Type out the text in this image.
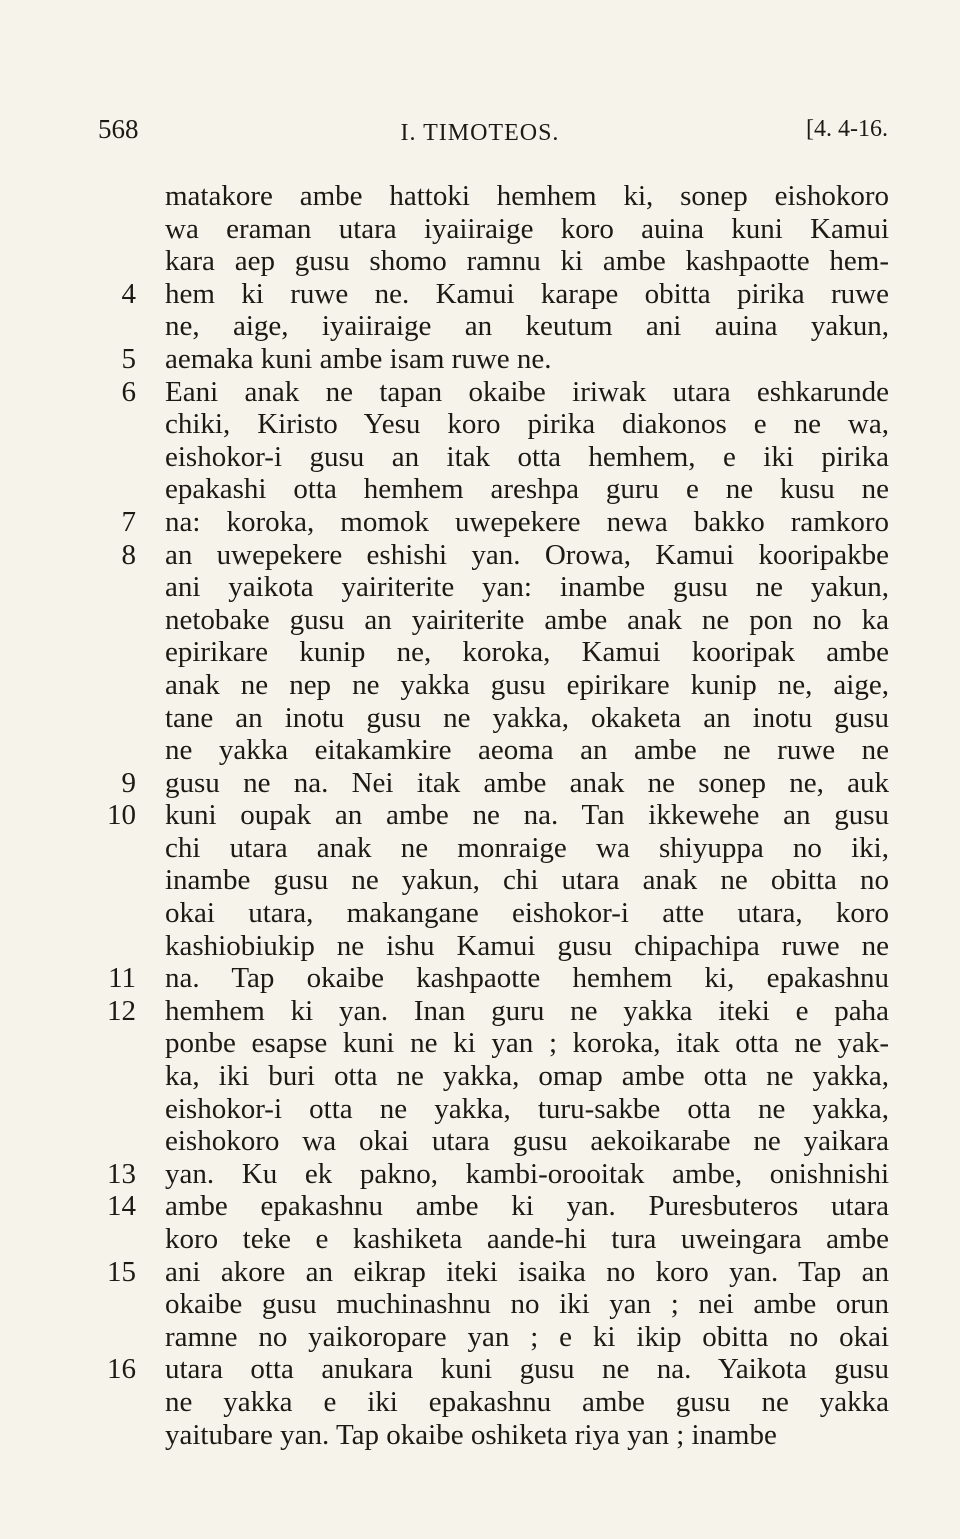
568	I. TIMOTEOS.	[4. 4-16.
matakore ambe hattoki hemhem ki, sonep eishokoro
wa eraman utara iyaiiraige koro auina kuni Kamui
kara aep gusu shomo ramnu ki ambe kashpaotte hem-
4 hem ki ruwe ne. Kamui karape obitta pirika ruwe
ne, aige, iyaiiraige an keutum ani auina yakun,
5 aemaka kuni ambe isam ruwe ne.
6 Eani anak ne tapan okaibe iriwak utara eshkarunde
chiki, Kiristo Yesu koro pirika diakonos e ne wa,
eishokor-i gusu an itak otta hemhem, e iki pirika
epakashi otta hemhem areshpa guru e ne kusu ne
7 na: koroka, momok uwepekere newa bakko ramkoro
8 an uwepekere eshishi yan. Orowa, Kamui kooripakbe
ani yaikota yairiterite yan: inambe gusu ne yakun,
netobake gusu an yairiterite ambe anak ne pon no ka
epirikare kunip ne, koroka, Kamui kooripak ambe
anak ne nep ne yakka gusu epirikare kunip ne, aige,
tane an inotu gusu ne yakka, okaketa an inotu gusu
ne yakka eitakamkire aeoma an ambe ne ruwe ne
9 gusu ne na. Nei itak ambe anak ne sonep ne, auk
10 kuni oupak an ambe ne na. Tan ikkewehe an gusu
chi utara anak ne monraige wa shiyuppa no iki,
inambe gusu ne yakun, chi utara anak ne obitta no
okai utara, makangane eishokor-i atte utara, koro
kashiobiukip ne ishu Kamui gusu chipachipa ruwe ne
11 na. Tap okaibe kashpaotte hemhem ki, epakashnu
12 hemhem ki yan. Inan guru ne yakka iteki e paha
ponbe esapse kuni ne ki yan ; koroka, itak otta ne yak-
ka, iki buri otta ne yakka, omap ambe otta ne yakka,
eishokor-i otta ne yakka, turu-sakbe otta ne yakka,
eishokoro wa okai utara gusu aekoikarabe ne yaikara
13 yan. Ku ek pakno, kambi-orooitak ambe, onishnishi
14 ambe epakashnu ambe ki yan. Puresbuteros utara
koro teke e kashiketa aande-hi tura uweingara ambe
15 ani akore an eikrap iteki isaika no koro yan. Tap an
okaibe gusu muchinashnu no iki yan ; nei ambe orun
ramne no yaikoropare yan ; e ki ikip obitta no okai
16 utara otta anukara kuni gusu ne na. Yaikota gusu
ne yakka e iki epakashnu ambe gusu ne yakka
yaitubare yan. Tap okaibe oshiketa riya yan ; inambe
